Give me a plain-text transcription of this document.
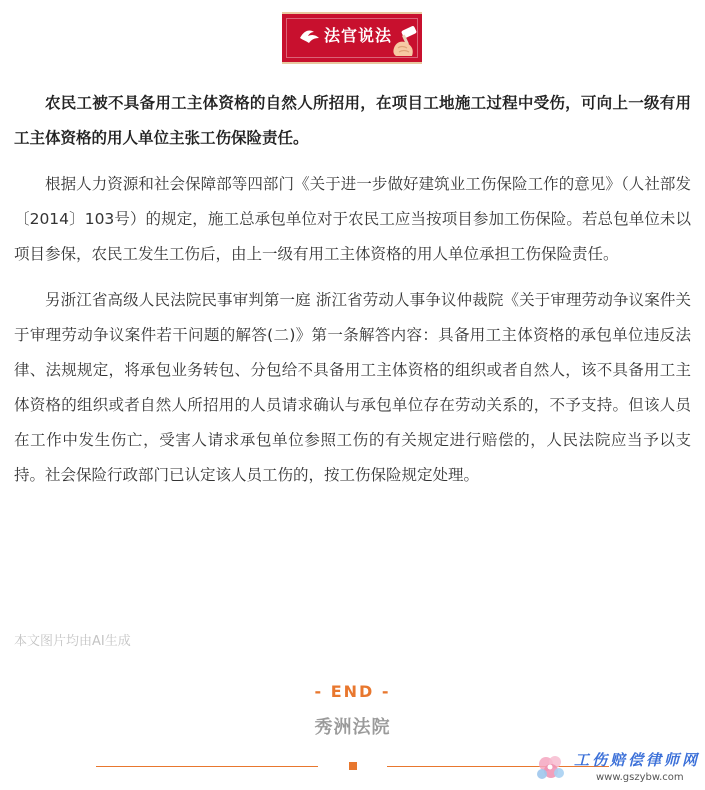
法官说法

农民工被不具备用工主体资格的自然人所招用，在项目工地施工过程中受伤，可向上一级有用工主体资格的用人单位主张工伤保险责任。

根据人力资源和社会保障部等四部门《关于进一步做好建筑业工伤保险工作的意见》（人社部发〔2014〕103号）的规定，施工总承包单位对于农民工应当按项目参加工伤保险。若总包单位未以项目参保，农民工发生工伤后，由上一级有用工主体资格的用人单位承担工伤保险责任。

另浙江省高级人民法院民事审判第一庭 浙江省劳动人事争议仲裁院《关于审理劳动争议案件关于审理劳动争议案件若干问题的解答(二)》第一条解答内容：具备用工主体资格的承包单位违反法律、法规规定，将承包业务转包、分包给不具备用工主体资格的组织或者自然人，该不具备用工主体资格的组织或者自然人所招用的人员请求确认与承包单位存在劳动关系的，不予支持。但该人员在工作中发生伤亡，受害人请求承包单位参照工伤的有关规定进行赔偿的，人民法院应当予以支持。社会保险行政部门已认定该人员工伤的，按工伤保险规定处理。

本文图片均由AI生成
- END -
秀洲法院
工伤赔偿律师网
www.gszybw.com
